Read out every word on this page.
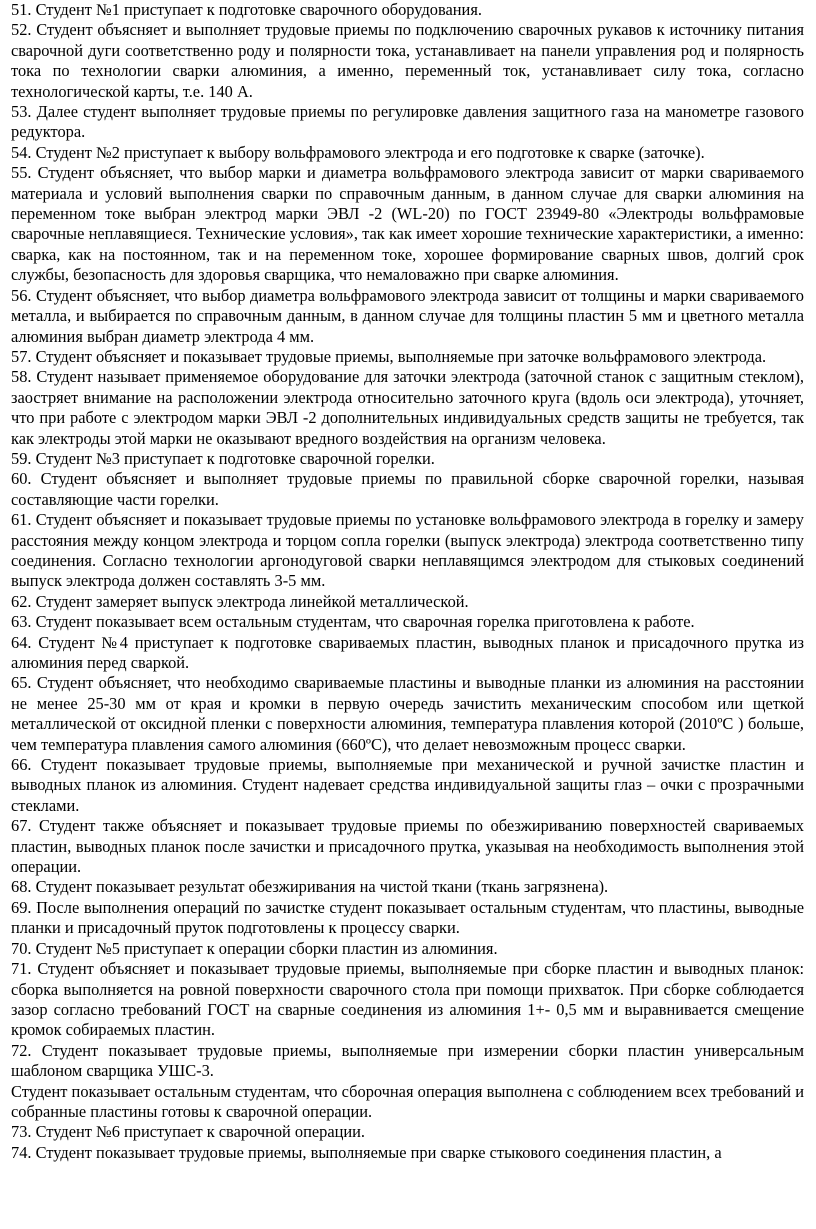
51. Студент №1 приступает к подготовке сварочного оборудования.

52. Студент объясняет и выполняет трудовые приемы по подключению сварочных рукавов к источнику питания сварочной дуги соответственно роду и полярности тока, устанавливает на панели управления род и полярность тока по технологии сварки алюминия, а именно, переменный ток, устанавливает силу тока, согласно технологической карты, т.е. 140 А.

53. Далее студент выполняет трудовые приемы по регулировке давления защитного газа на манометре газового редуктора.

54. Студент №2 приступает к выбору вольфрамового электрода и его подготовке к сварке (заточке).

55. Студент объясняет, что выбор марки и диаметра вольфрамового электрода зависит от марки свариваемого материала и условий выполнения сварки по справочным данным, в данном случае для сварки алюминия на переменном токе выбран электрод марки ЭВЛ -2 (WL-20) по ГОСТ 23949-80 «Электроды вольфрамовые сварочные неплавящиеся. Технические условия», так как имеет хорошие технические характеристики, а именно: сварка, как на постоянном, так и на переменном токе, хорошее формирование сварных швов, долгий срок службы, безопасность для здоровья сварщика, что немаловажно при сварке алюминия.

56. Студент объясняет, что выбор диаметра вольфрамового электрода зависит от толщины и марки свариваемого металла, и выбирается по справочным данным, в данном случае для толщины пластин 5 мм и цветного металла алюминия выбран диаметр электрода 4 мм.

57. Студент объясняет и показывает трудовые приемы, выполняемые при заточке вольфрамового электрода.

58. Студент называет применяемое оборудование для заточки электрода (заточной станок с защитным стеклом), заостряет внимание на расположении электрода относительно заточного круга (вдоль оси электрода), уточняет, что при работе с электродом марки ЭВЛ -2 дополнительных индивидуальных средств защиты не требуется, так как электроды этой марки не оказывают вредного воздействия на организм человека.

59. Студент №3 приступает к подготовке сварочной горелки.

60. Студент объясняет и выполняет трудовые приемы по правильной сборке сварочной горелки, называя составляющие части горелки.

61. Студент объясняет и показывает трудовые приемы по установке вольфрамового электрода в горелку и замеру расстояния между концом электрода и торцом сопла горелки (выпуск электрода) электрода соответственно типу соединения. Согласно технологии аргонодуговой сварки неплавящимся электродом для стыковых соединений выпуск электрода должен составлять 3-5 мм.

62. Студент замеряет выпуск электрода линейкой металлической.

63. Студент показывает всем остальным студентам, что сварочная горелка приготовлена к работе.

64. Студент №4 приступает к подготовке свариваемых пластин, выводных планок и присадочного прутка из алюминия перед сваркой.

65. Студент объясняет, что необходимо свариваемые пластины и выводные планки из алюминия на расстоянии не менее 25-30 мм от края и кромки в первую очередь зачистить механическим способом или щеткой металлической от оксидной пленки с поверхности алюминия, температура плавления которой (2010ºС ) больше, чем температура плавления самого алюминия (660ºС), что делает невозможным процесс сварки.

66. Студент показывает трудовые приемы, выполняемые при механической и ручной зачистке пластин и выводных планок из алюминия. Студент надевает средства индивидуальной защиты глаз – очки с прозрачными стеклами.

67. Студент также объясняет и показывает трудовые приемы по обезжириванию поверхностей свариваемых пластин, выводных планок после зачистки и присадочного прутка, указывая на необходимость выполнения этой операции.

68. Студент показывает результат обезжиривания на чистой ткани (ткань загрязнена).

69. После выполнения операций по зачистке студент показывает остальным студентам, что пластины, выводные планки и присадочный пруток подготовлены к процессу сварки.

70. Студент №5 приступает к операции сборки пластин из алюминия.

71. Студент объясняет и показывает трудовые приемы, выполняемые при сборке пластин и выводных планок: сборка выполняется на ровной поверхности сварочного стола при помощи прихваток. При сборке соблюдается зазор согласно требований ГОСТ на сварные соединения из алюминия 1+- 0,5 мм и выравнивается смещение кромок собираемых пластин.

72. Студент показывает трудовые приемы, выполняемые при измерении сборки пластин универсальным шаблоном сварщика УШС-3.

Студент показывает остальным студентам, что сборочная операция выполнена с соблюдением всех требований и собранные пластины готовы к сварочной операции.

73. Студент №6 приступает к сварочной операции.

74. Студент показывает трудовые приемы, выполняемые при сварке стыкового соединения пластин, а
